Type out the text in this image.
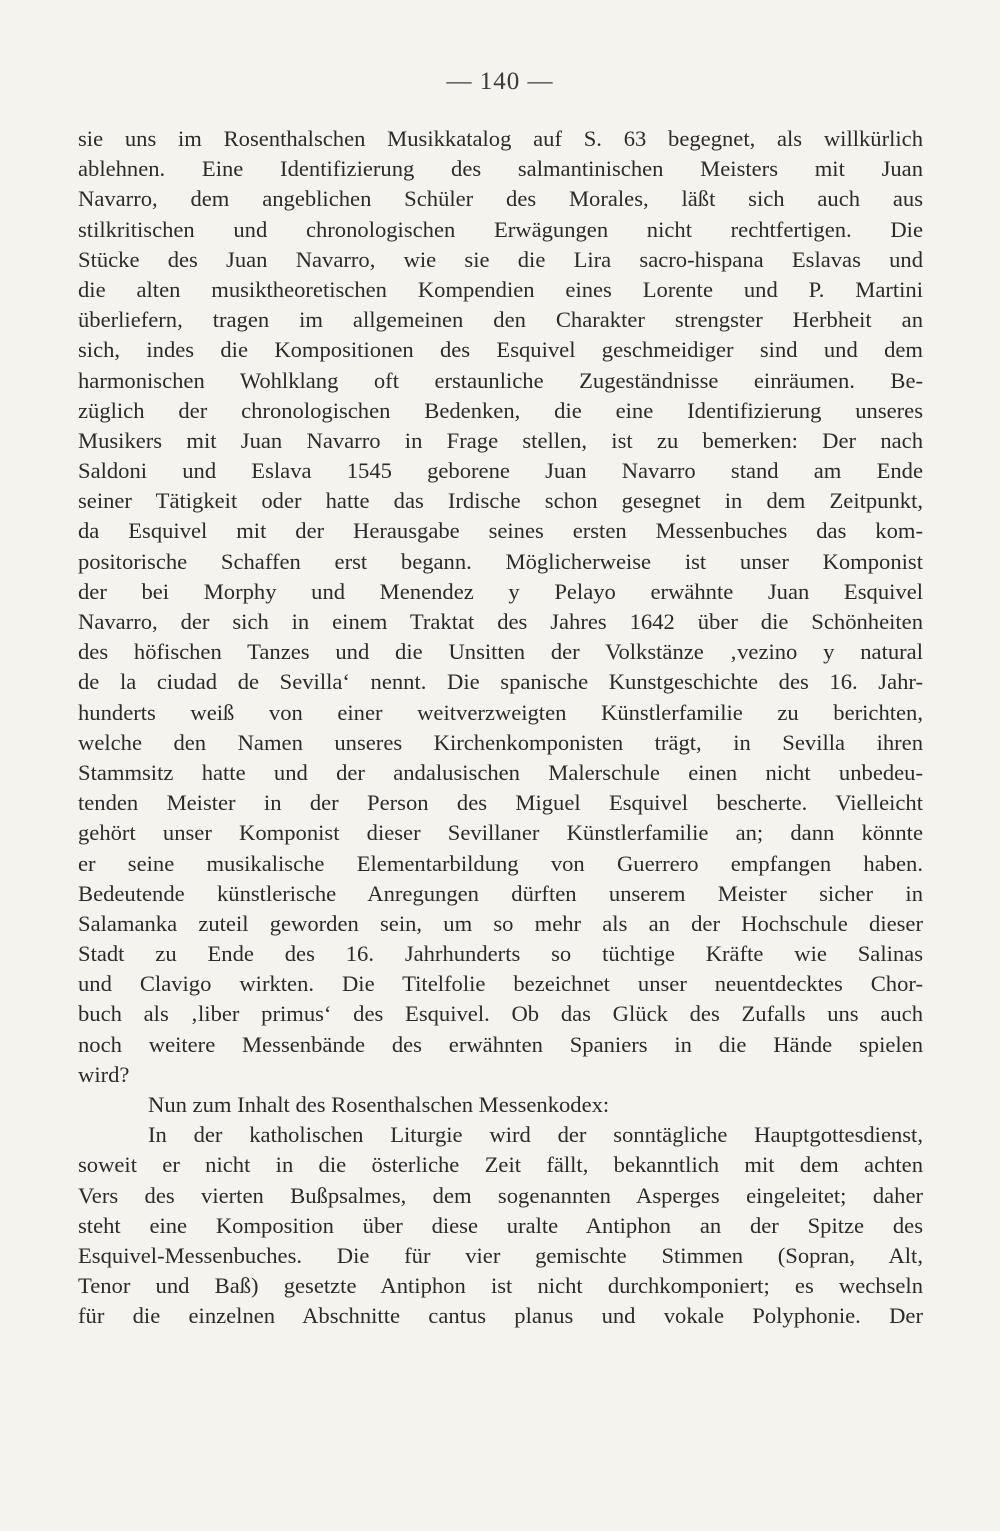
— 140 —
sie uns im Rosenthalschen Musikkatalog auf S. 63 begegnet, als willkürlich
ablehnen. Eine Identifizierung des salmantinischen Meisters mit Juan
Navarro, dem angeblichen Schüler des Morales, läßt sich auch aus
stilkritischen und chronologischen Erwägungen nicht rechtfertigen. Die
Stücke des Juan Navarro, wie sie die Lira sacro-hispana Eslavas und
die alten musiktheoretischen Kompendien eines Lorente und P. Martini
überliefern, tragen im allgemeinen den Charakter strengster Herbheit an
sich, indes die Kompositionen des Esquivel geschmeidiger sind und dem
harmonischen Wohlklang oft erstaunliche Zugeständnisse einräumen. Be-
züglich der chronologischen Bedenken, die eine Identifizierung unseres
Musikers mit Juan Navarro in Frage stellen, ist zu bemerken: Der nach
Saldoni und Eslava 1545 geborene Juan Navarro stand am Ende
seiner Tätigkeit oder hatte das Irdische schon gesegnet in dem Zeitpunkt,
da Esquivel mit der Herausgabe seines ersten Messenbuches das kom-
positorische Schaffen erst begann. Möglicherweise ist unser Komponist
der bei Morphy und Menendez y Pelayo erwähnte Juan Esquivel
Navarro, der sich in einem Traktat des Jahres 1642 über die Schönheiten
des höfischen Tanzes und die Unsitten der Volkstänze ‚vezino y natural
de la ciudad de Sevilla‘ nennt. Die spanische Kunstgeschichte des 16. Jahr-
hunderts weiß von einer weitverzweigten Künstlerfamilie zu berichten,
welche den Namen unseres Kirchenkomponisten trägt, in Sevilla ihren
Stammsitz hatte und der andalusischen Malerschule einen nicht unbedeu-
tenden Meister in der Person des Miguel Esquivel bescherte. Vielleicht
gehört unser Komponist dieser Sevillaner Künstlerfamilie an; dann könnte
er seine musikalische Elementarbildung von Guerrero empfangen haben.
Bedeutende künstlerische Anregungen dürften unserem Meister sicher in
Salamanka zuteil geworden sein, um so mehr als an der Hochschule dieser
Stadt zu Ende des 16. Jahrhunderts so tüchtige Kräfte wie Salinas
und Clavigo wirkten. Die Titelfolie bezeichnet unser neuentdecktes Chor-
buch als ‚liber primus‘ des Esquivel. Ob das Glück des Zufalls uns auch
noch weitere Messenbände des erwähnten Spaniers in die Hände spielen
wird?
Nun zum Inhalt des Rosenthalschen Messenkodex:
In der katholischen Liturgie wird der sonntägliche Hauptgottesdienst,
soweit er nicht in die österliche Zeit fällt, bekanntlich mit dem achten
Vers des vierten Bußpsalmes, dem sogenannten Asperges eingeleitet; daher
steht eine Komposition über diese uralte Antiphon an der Spitze des
Esquivel-Messenbuches. Die für vier gemischte Stimmen (Sopran, Alt,
Tenor und Baß) gesetzte Antiphon ist nicht durchkomponiert; es wechseln
für die einzelnen Abschnitte cantus planus und vokale Polyphonie. Der
